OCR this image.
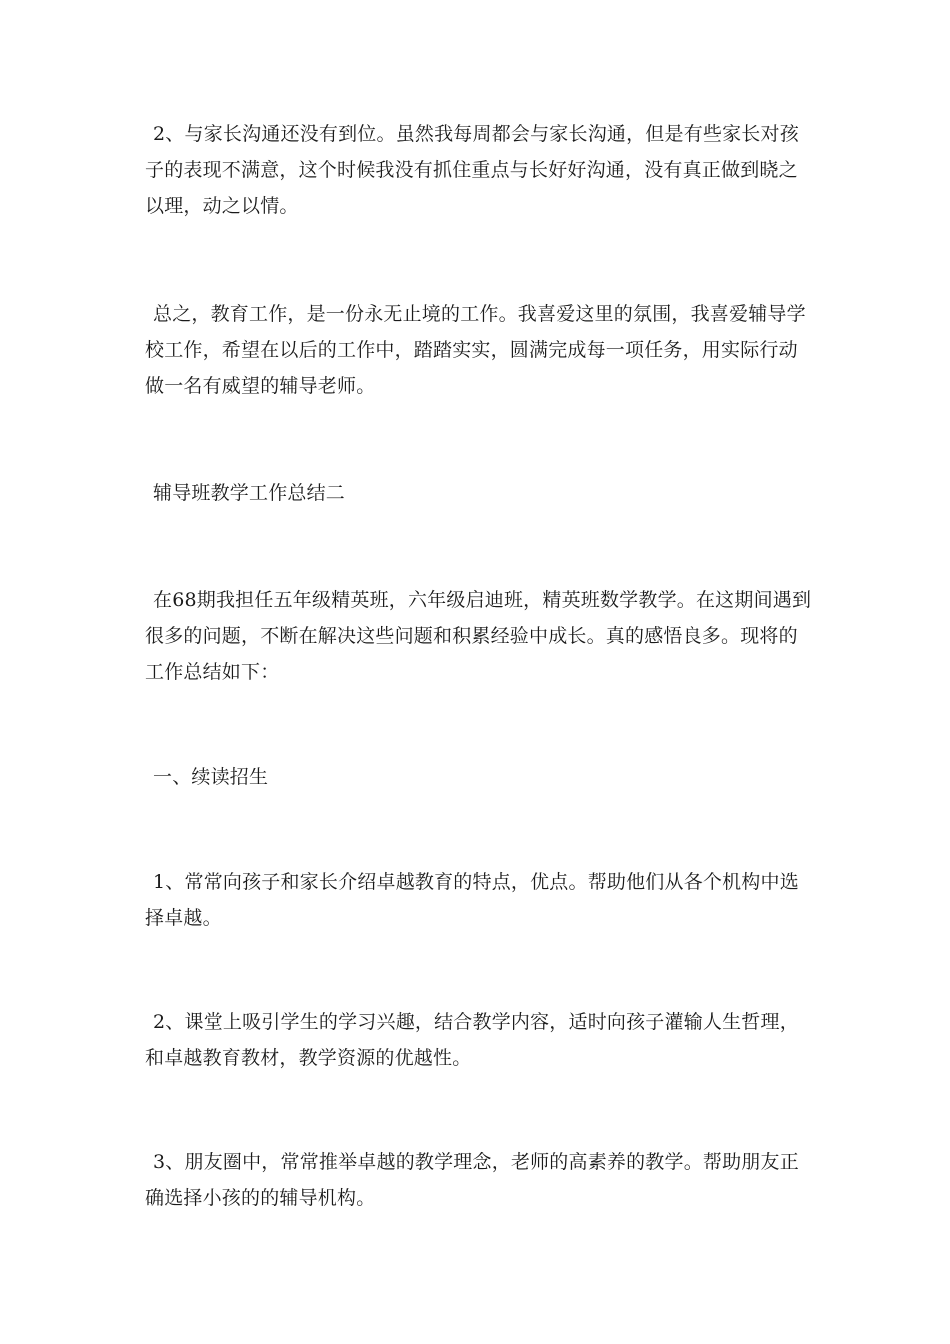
2、与家长沟通还没有到位。虽然我每周都会与家长沟通，但是有些家长对孩子的表现不满意，这个时候我没有抓住重点与长好好沟通，没有真正做到晓之以理，动之以情。

总之，教育工作，是一份永无止境的工作。我喜爱这里的氛围，我喜爱辅导学校工作，希望在以后的工作中，踏踏实实，圆满完成每一项任务，用实际行动做一名有威望的辅导老师。

辅导班教学工作总结二

在68期我担任五年级精英班，六年级启迪班，精英班数学教学。在这期间遇到很多的问题，不断在解决这些问题和积累经验中成长。真的感悟良多。现将的工作总结如下：

一、续读招生

1、常常向孩子和家长介绍卓越教育的特点，优点。帮助他们从各个机构中选择卓越。

2、课堂上吸引学生的学习兴趣，结合教学内容，适时向孩子灌输人生哲理，和卓越教育教材，教学资源的优越性。

3、朋友圈中，常常推举卓越的教学理念，老师的高素养的教学。帮助朋友正确选择小孩的的辅导机构。
